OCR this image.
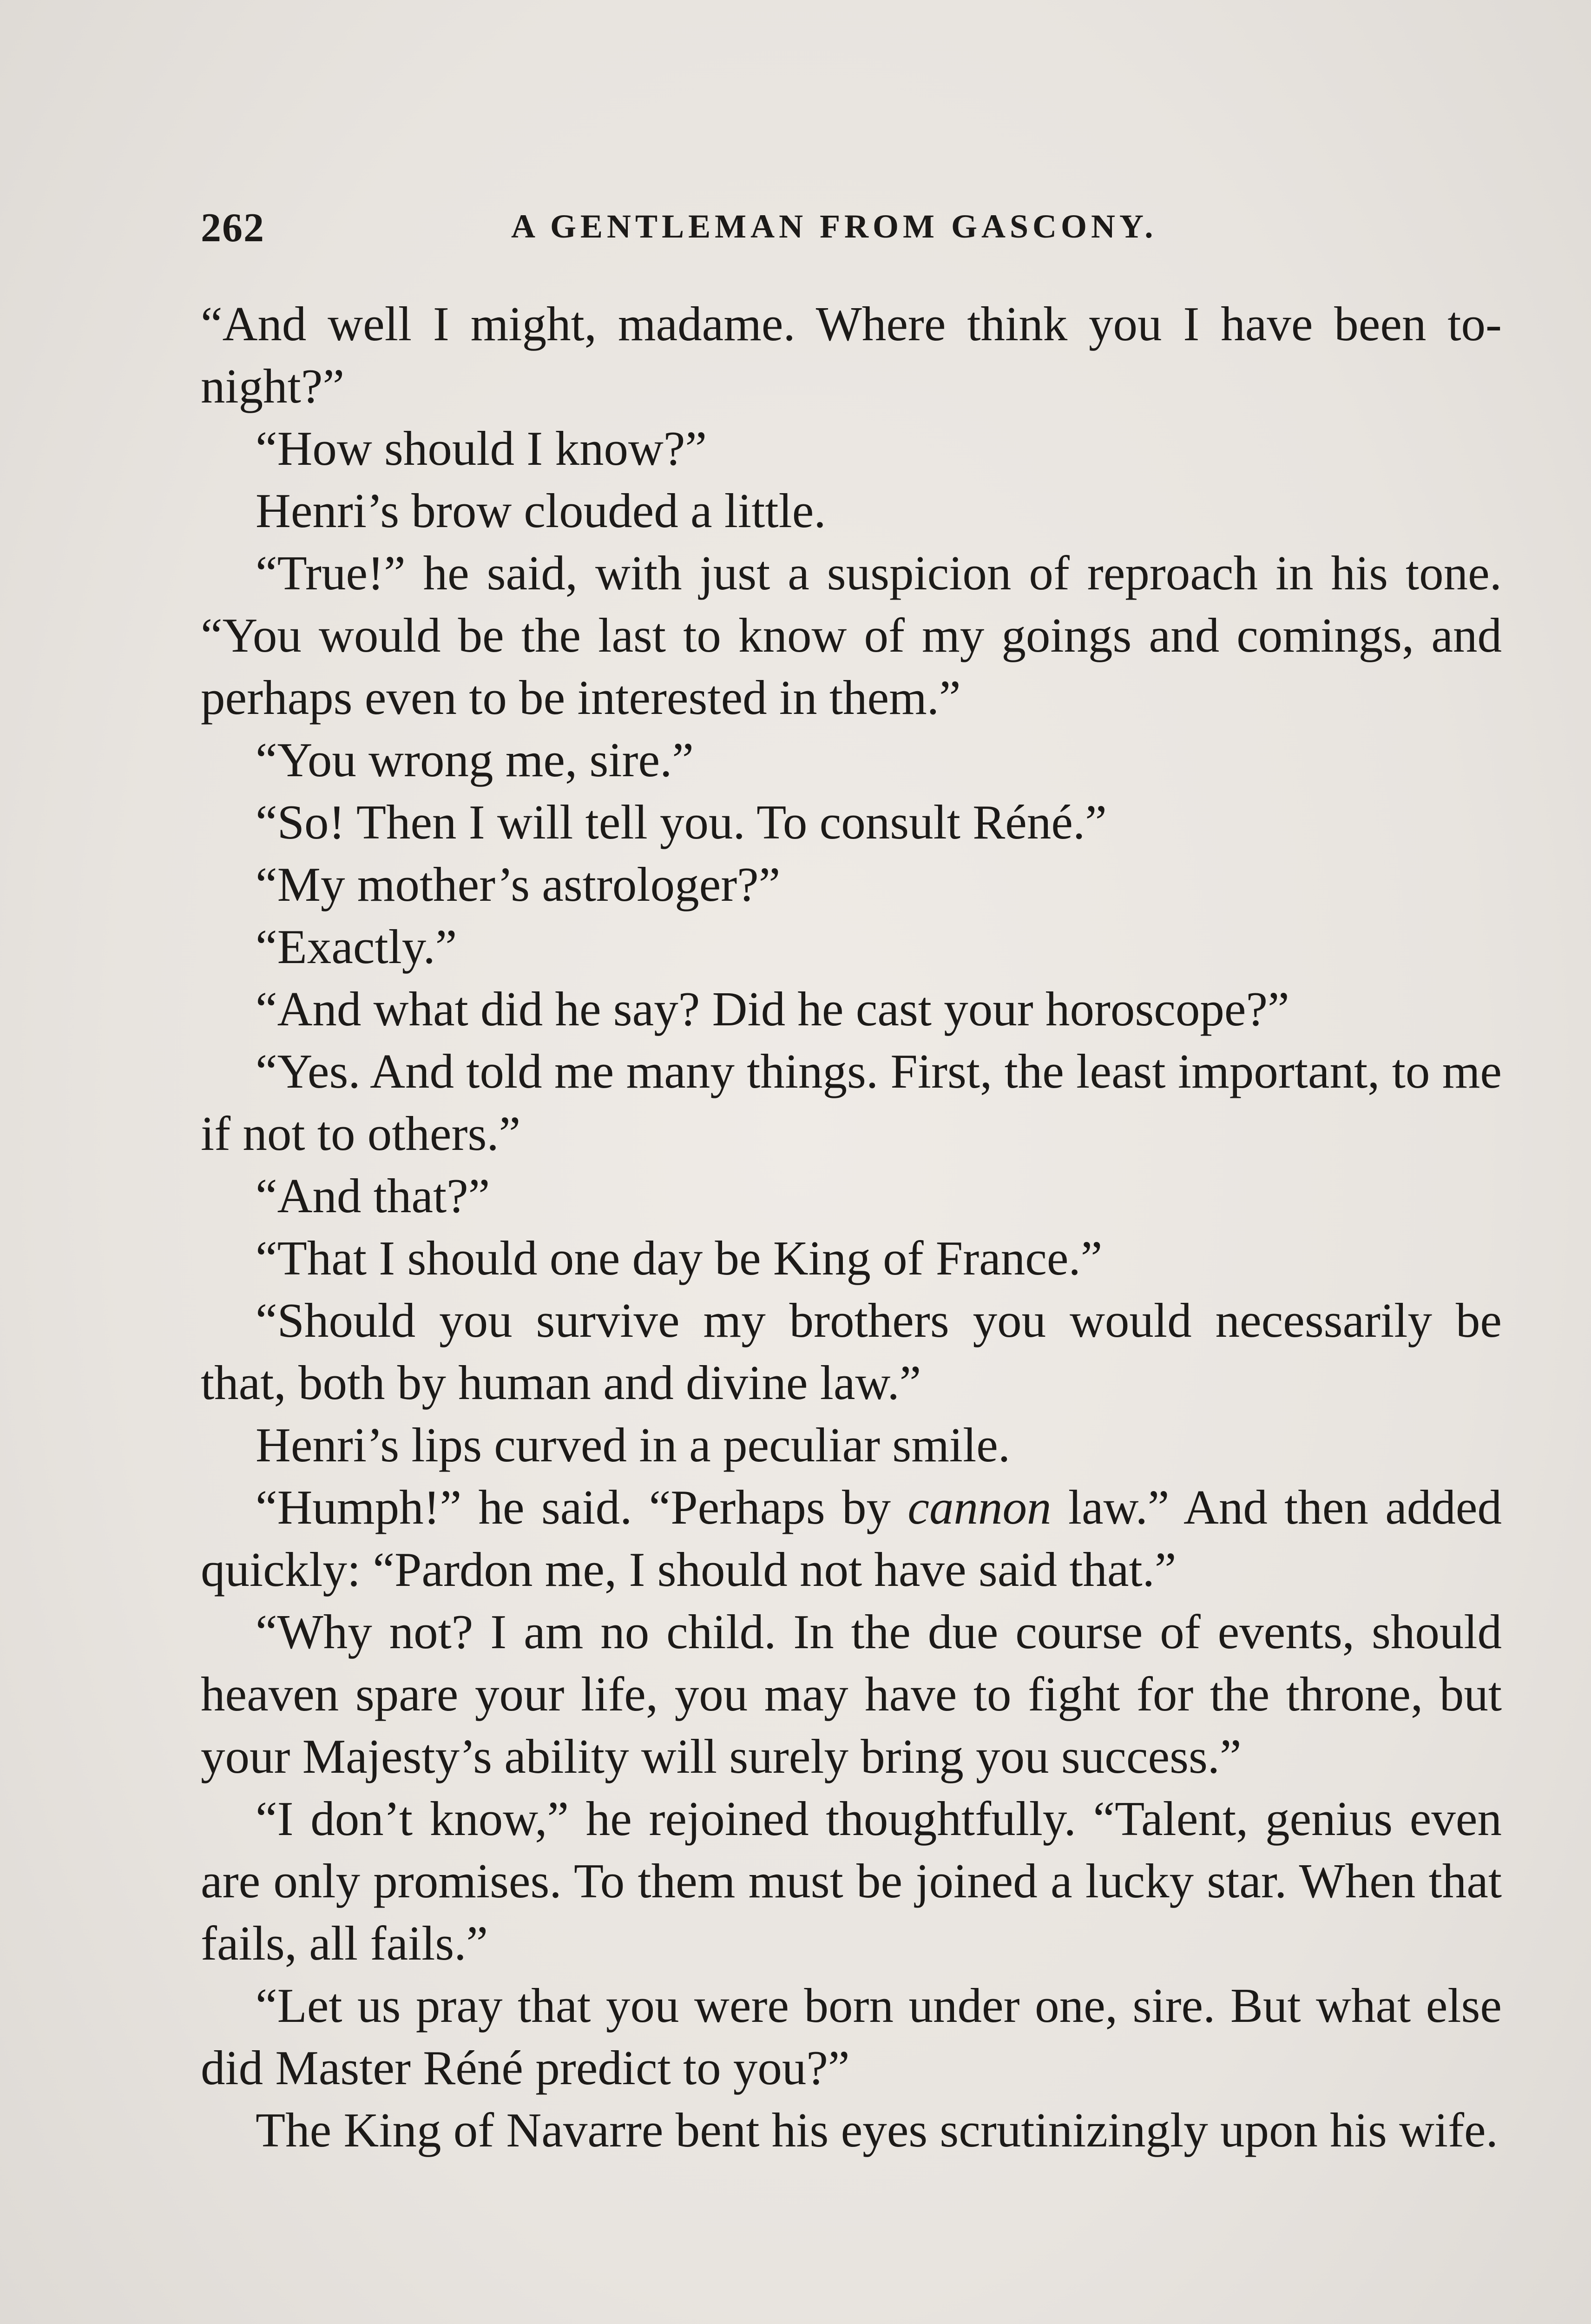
262	A GENTLEMAN FROM GASCONY.

“And well I might, madame. Where think you I have been to-night?”

“How should I know?”

Henri’s brow clouded a little.

“True!” he said, with just a suspicion of reproach in his tone. “You would be the last to know of my goings and comings, and perhaps even to be interested in them.”

“You wrong me, sire.”

“So! Then I will tell you. To consult Réné.”

“My mother’s astrologer?”

“Exactly.”

“And what did he say? Did he cast your horoscope?”

“Yes. And told me many things. First, the least important, to me if not to others.”

“And that?”

“That I should one day be King of France.”

“Should you survive my brothers you would necessarily be that, both by human and divine law.”

Henri’s lips curved in a peculiar smile.

“Humph!” he said. “Perhaps by cannon law.” And then added quickly: “Pardon me, I should not have said that.”

“Why not? I am no child. In the due course of events, should heaven spare your life, you may have to fight for the throne, but your Majesty’s ability will surely bring you success.”

“I don’t know,” he rejoined thoughtfully. “Talent, genius even are only promises. To them must be joined a lucky star. When that fails, all fails.”

“Let us pray that you were born under one, sire. But what else did Master Réné predict to you?”

The King of Navarre bent his eyes scrutinizingly upon his wife.
